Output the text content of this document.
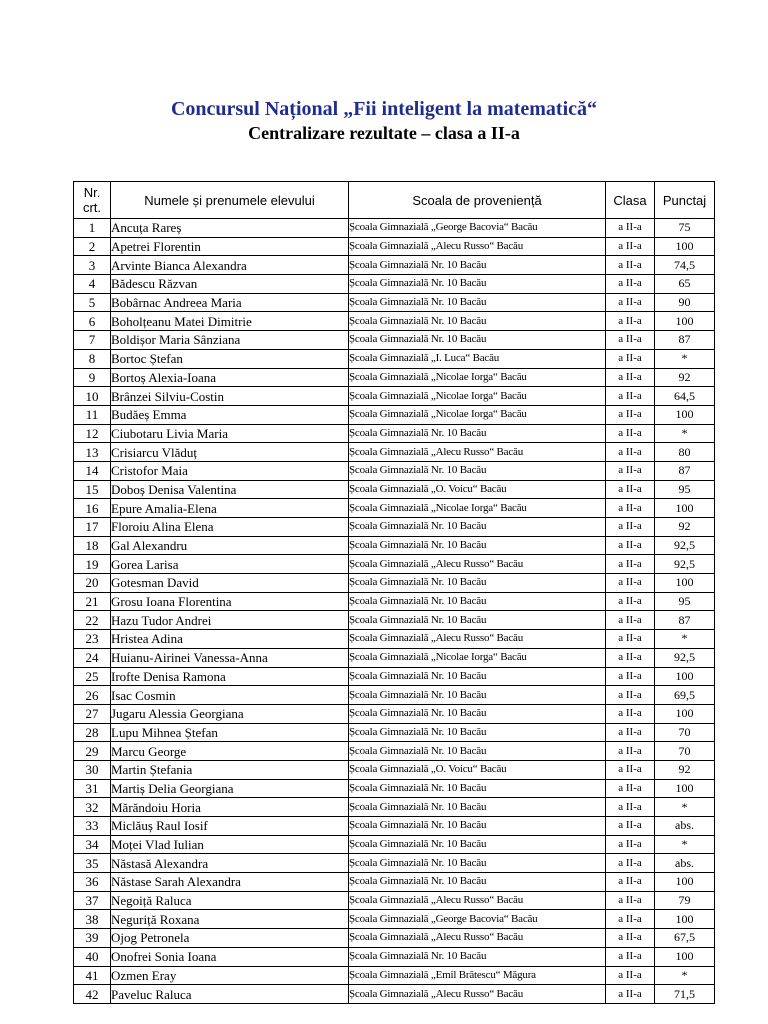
Concursul Național „Fii inteligent la matematică“
Centralizare rezultate – clasa a II-a
Nr. crt.	Numele și prenumele elevului	Scoala de proveniență	Clasa	Punctaj
1	Ancuța Rareș	Școala Gimnazială „George Bacovia“ Bacău	a II-a	75
2	Apetrei Florentin	Școala Gimnazială „Alecu Russo“ Bacău	a II-a	100
3	Arvinte Bianca Alexandra	Școala Gimnazială Nr. 10 Bacău	a II-a	74,5
4	Bădescu Răzvan	Școala Gimnazială Nr. 10 Bacău	a II-a	65
5	Bobârnac Andreea Maria	Școala Gimnazială Nr. 10 Bacău	a II-a	90
6	Boholțeanu Matei Dimitrie	Școala Gimnazială Nr. 10 Bacău	a II-a	100
7	Boldișor Maria Sânziana	Școala Gimnazială Nr. 10 Bacău	a II-a	87
8	Bortoc Ștefan	Școala Gimnazială „I. Luca“ Bacău	a II-a	*
9	Bortoș Alexia-Ioana	Școala Gimnazială „Nicolae Iorga“ Bacău	a II-a	92
10	Brânzei Silviu-Costin	Școala Gimnazială „Nicolae Iorga“ Bacău	a II-a	64,5
11	Budăeș Emma	Școala Gimnazială „Nicolae Iorga“ Bacău	a II-a	100
12	Ciubotaru Livia Maria	Școala Gimnazială Nr. 10 Bacău	a II-a	*
13	Crisiarcu Vlăduț	Școala Gimnazială „Alecu Russo“ Bacău	a II-a	80
14	Cristofor Maia	Școala Gimnazială Nr. 10 Bacău	a II-a	87
15	Doboș Denisa Valentina	Școala Gimnazială „O. Voicu“ Bacău	a II-a	95
16	Epure Amalia-Elena	Școala Gimnazială „Nicolae Iorga“ Bacău	a II-a	100
17	Floroiu Alina Elena	Școala Gimnazială Nr. 10 Bacău	a II-a	92
18	Gal Alexandru	Școala Gimnazială Nr. 10 Bacău	a II-a	92,5
19	Gorea Larisa	Școala Gimnazială „Alecu Russo“ Bacău	a II-a	92,5
20	Gotesman David	Școala Gimnazială Nr. 10 Bacău	a II-a	100
21	Grosu Ioana Florentina	Școala Gimnazială Nr. 10 Bacău	a II-a	95
22	Hazu Tudor Andrei	Școala Gimnazială Nr. 10 Bacău	a II-a	87
23	Hristea Adina	Școala Gimnazială „Alecu Russo“ Bacău	a II-a	*
24	Huianu-Airinei Vanessa-Anna	Școala Gimnazială „Nicolae Iorga“ Bacău	a II-a	92,5
25	Irofte Denisa Ramona	Școala Gimnazială Nr. 10 Bacău	a II-a	100
26	Isac Cosmin	Școala Gimnazială Nr. 10 Bacău	a II-a	69,5
27	Jugaru Alessia Georgiana	Școala Gimnazială Nr. 10 Bacău	a II-a	100
28	Lupu Mihnea Ștefan	Școala Gimnazială Nr. 10 Bacău	a II-a	70
29	Marcu George	Școala Gimnazială Nr. 10 Bacău	a II-a	70
30	Martin Ștefania	Școala Gimnazială „O. Voicu“ Bacău	a II-a	92
31	Martiș Delia Georgiana	Școala Gimnazială Nr. 10 Bacău	a II-a	100
32	Mărăndoiu Horia	Școala Gimnazială Nr. 10 Bacău	a II-a	*
33	Miclăuș Raul Iosif	Școala Gimnazială Nr. 10 Bacău	a II-a	abs.
34	Moței Vlad Iulian	Școala Gimnazială Nr. 10 Bacău	a II-a	*
35	Năstasă Alexandra	Școala Gimnazială Nr. 10 Bacău	a II-a	abs.
36	Năstase Sarah Alexandra	Școala Gimnazială Nr. 10 Bacău	a II-a	100
37	Negoiță Raluca	Școala Gimnazială „Alecu Russo“ Bacău	a II-a	79
38	Neguriță Roxana	Școala Gimnazială „George Bacovia“ Bacău	a II-a	100
39	Ojog Petronela	Școala Gimnazială „Alecu Russo“ Bacău	a II-a	67,5
40	Onofrei Sonia Ioana	Școala Gimnazială Nr. 10 Bacău	a II-a	100
41	Ozmen Eray	Școala Gimnazială „Emil Brătescu“ Măgura	a II-a	*
42	Paveluc Raluca	Școala Gimnazială „Alecu Russo“ Bacău	a II-a	71,5
